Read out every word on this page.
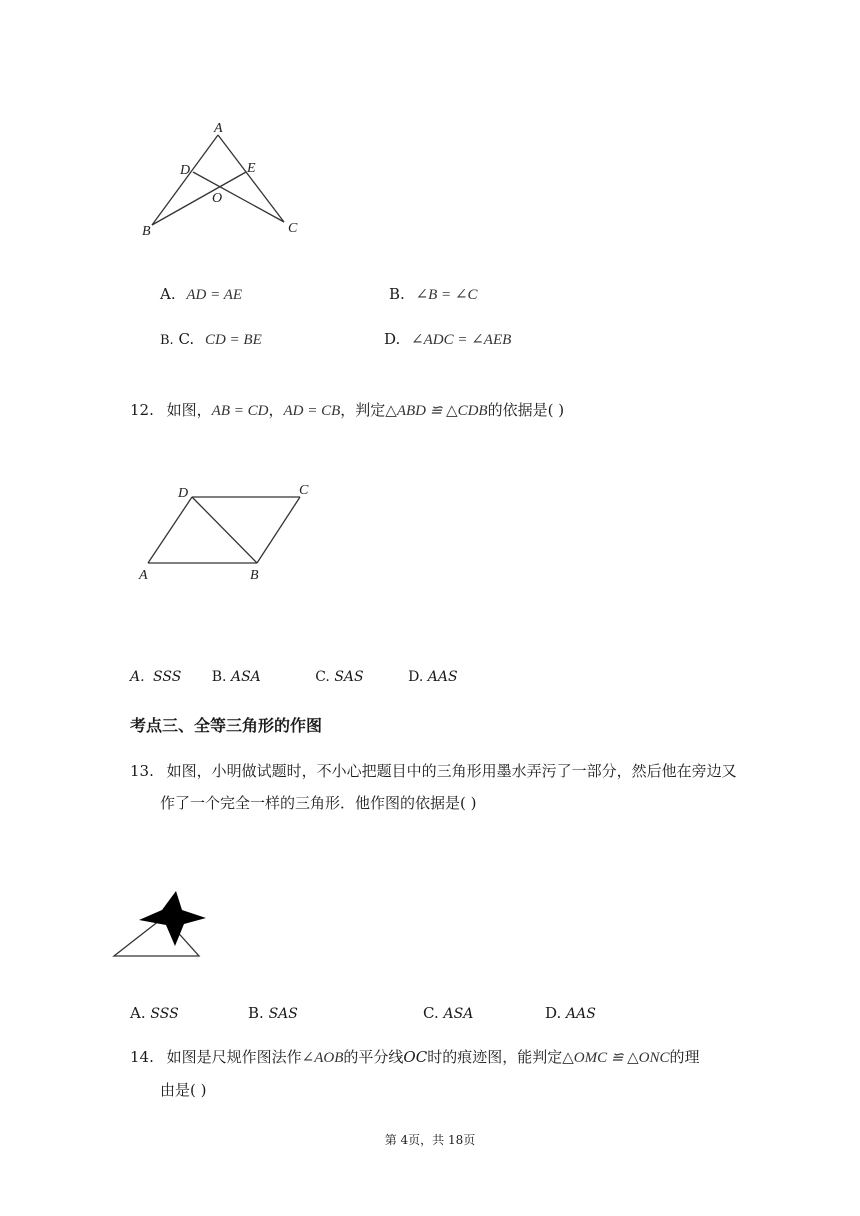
A
D	E
O
B	C
A. AD = AE	B. ∠B = ∠C
B. C. CD = BE	D. ∠ADC = ∠AEB
12. 如图，AB = CD，AD = CB，判定△ABD ≌ △CDB的依据是( )
D	C
A	B
A. SSS B. ASA	C. SAS	D. AAS
考点三、全等三角形的作图
13. 如图，小明做试题时，不小心把题目中的三角形用墨水弄污了一部分，然后他在旁边又
作了一个完全一样的三角形．他作图的依据是( )
A. SSS	B. SAS	C. ASA	D. AAS
14. 如图是尺规作图法作∠AOB的平分线OC时的痕迹图，能判定△OMC ≌ △ONC的理
由是( )
第 4页，共 18页
